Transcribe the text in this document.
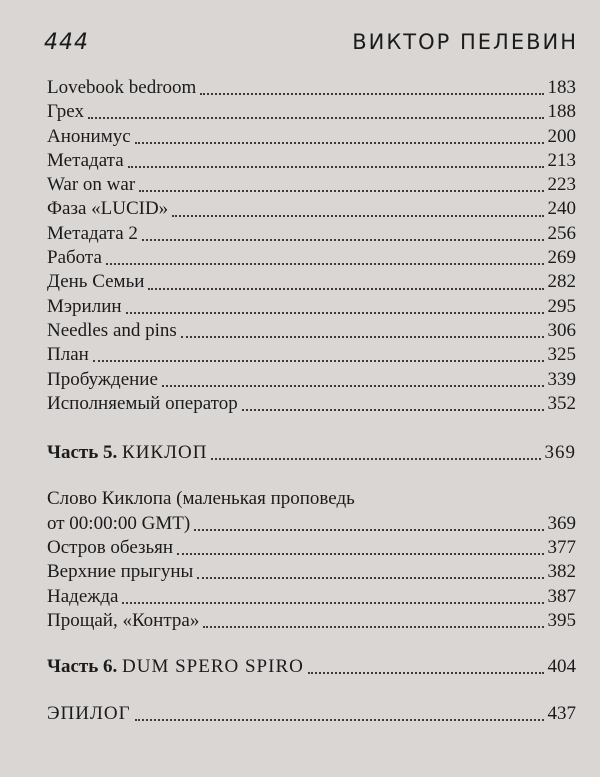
444	ВИКТОР ПЕЛЕВИН
Lovebook bedroom	183
Грех	188
Анонимус	200
Метадата	213
War on war	223
Фаза «LUCID»	240
Метадата 2	256
Работа	269
День Семьи	282
Мэрилин	295
Needles and pins	306
План	325
Пробуждение	339
Исполняемый оператор	352
Часть 5. КИКЛОП	369
Слово Киклопа (маленькая проповедь
от 00:00:00 GMT)	369
Остров обезьян	377
Верхние прыгуны	382
Надежда	387
Прощай, «Контра»	395
Часть 6. DUM SPERO SPIRO	404
ЭПИЛОГ	437
